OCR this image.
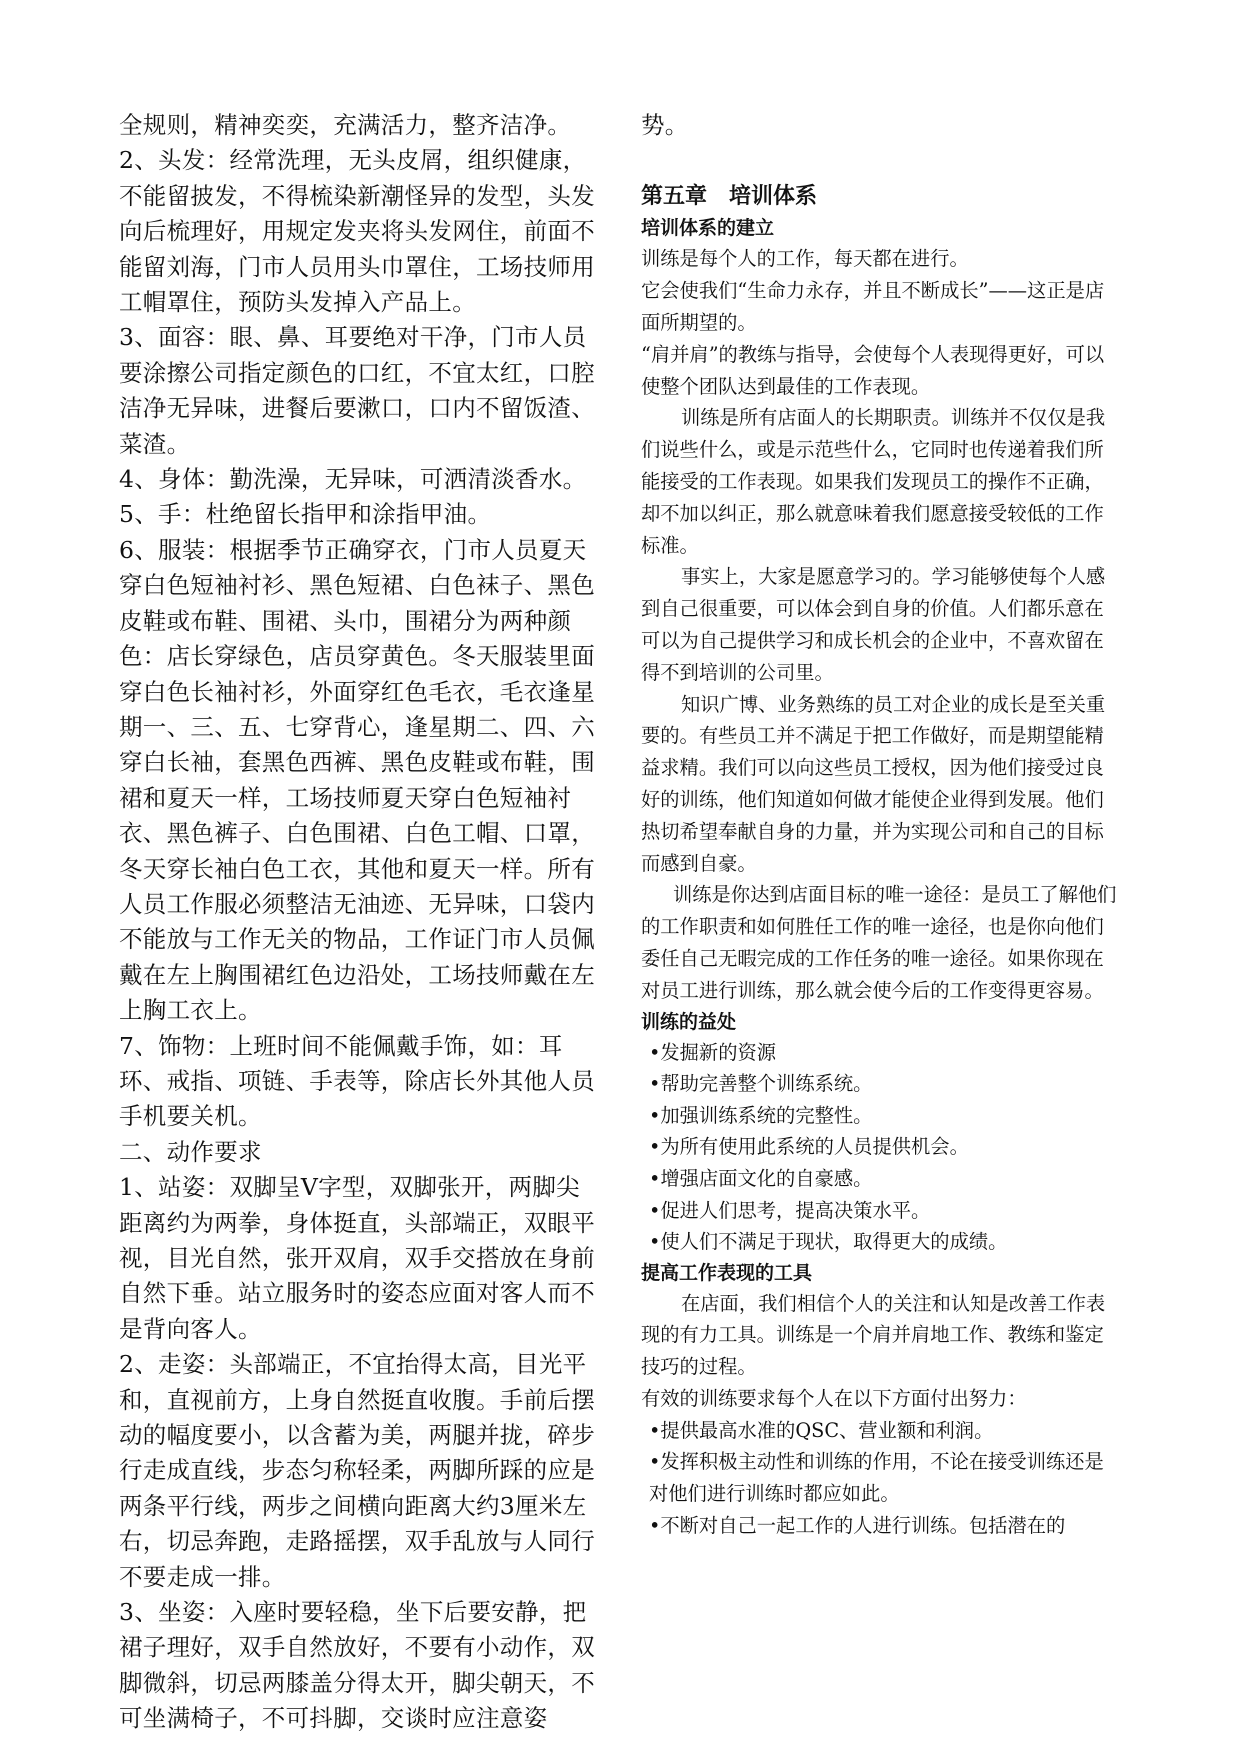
全规则，精神奕奕，充满活力，整齐洁净。

2、头发：经常洗理，无头皮屑，组织健康，不能留披发，不得梳染新潮怪异的发型，头发向后梳理好，用规定发夹将头发网住，前面不能留刘海，门市人员用头巾罩住，工场技师用工帽罩住，预防头发掉入产品上。

3、面容：眼、鼻、耳要绝对干净，门市人员要涂擦公司指定颜色的口红，不宜太红，口腔洁净无异味，进餐后要漱口，口内不留饭渣、菜渣。

4、身体：勤洗澡，无异味，可洒清淡香水。

5、手：杜绝留长指甲和涂指甲油。

6、服装：根据季节正确穿衣，门市人员夏天穿白色短袖衬衫、黑色短裙、白色袜子、黑色皮鞋或布鞋、围裙、头巾，围裙分为两种颜色：店长穿绿色，店员穿黄色。冬天服装里面穿白色长袖衬衫，外面穿红色毛衣，毛衣逢星期一、三、五、七穿背心，逢星期二、四、六穿白长袖，套黑色西裤、黑色皮鞋或布鞋，围裙和夏天一样，工场技师夏天穿白色短袖衬衣、黑色裤子、白色围裙、白色工帽、口罩，冬天穿长袖白色工衣，其他和夏天一样。所有人员工作服必须整洁无油迹、无异味，口袋内不能放与工作无关的物品，工作证门市人员佩戴在左上胸围裙红色边沿处，工场技师戴在左上胸工衣上。

7、饰物：上班时间不能佩戴手饰，如：耳环、戒指、项链、手表等，除店长外其他人员手机要关机。

二、动作要求

1、站姿：双脚呈Ⅴ字型，双脚张开，两脚尖距离约为两拳，身体挺直，头部端正，双眼平视，目光自然，张开双肩，双手交搭放在身前自然下垂。站立服务时的姿态应面对客人而不是背向客人。

2、走姿：头部端正，不宜抬得太高，目光平和，直视前方，上身自然挺直收腹。手前后摆动的幅度要小，以含蓄为美，两腿并拢，碎步行走成直线，步态匀称轻柔，两脚所踩的应是两条平行线，两步之间横向距离大约3厘米左右，切忌奔跑，走路摇摆，双手乱放与人同行不要走成一排。

3、坐姿：入座时要轻稳，坐下后要安静，把裙子理好，双手自然放好，不要有小动作，双脚微斜，切忌两膝盖分得太开，脚尖朝天，不可坐满椅子，不可抖脚，交谈时应注意姿

势。

第五章　培训体系

培训体系的建立

训练是每个人的工作，每天都在进行。

它会使我们“生命力永存，并且不断成长”——这正是店面所期望的。

“肩并肩”的教练与指导，会使每个人表现得更好，可以使整个团队达到最佳的工作表现。

训练是所有店面人的长期职责。训练并不仅仅是我们说些什么，或是示范些什么，它同时也传递着我们所能接受的工作表现。如果我们发现员工的操作不正确，却不加以纠正，那么就意味着我们愿意接受较低的工作标准。

事实上，大家是愿意学习的。学习能够使每个人感到自己很重要，可以体会到自身的价值。人们都乐意在可以为自己提供学习和成长机会的企业中，不喜欢留在得不到培训的公司里。

知识广博、业务熟练的员工对企业的成长是至关重要的。有些员工并不满足于把工作做好，而是期望能精益求精。我们可以向这些员工授权，因为他们接受过良好的训练，他们知道如何做才能使企业得到发展。他们热切希望奉献自身的力量，并为实现公司和自己的目标而感到自豪。

训练是你达到店面目标的唯一途径：是员工了解他们的工作职责和如何胜任工作的唯一途径，也是你向他们委任自己无暇完成的工作任务的唯一途径。如果你现在对员工进行训练，那么就会使今后的工作变得更容易。

训练的益处

•发掘新的资源
•帮助完善整个训练系统。
•加强训练系统的完整性。
•为所有使用此系统的人员提供机会。
•增强店面文化的自豪感。
•促进人们思考，提高决策水平。
•使人们不满足于现状，取得更大的成绩。

提高工作表现的工具

在店面，我们相信个人的关注和认知是改善工作表现的有力工具。训练是一个肩并肩地工作、教练和鉴定技巧的过程。

有效的训练要求每个人在以下方面付出努力：

•提供最高水准的QSC、营业额和利润。
•发挥积极主动性和训练的作用，不论在接受训练还是对他们进行训练时都应如此。
•不断对自己一起工作的人进行训练。包括潜在的
